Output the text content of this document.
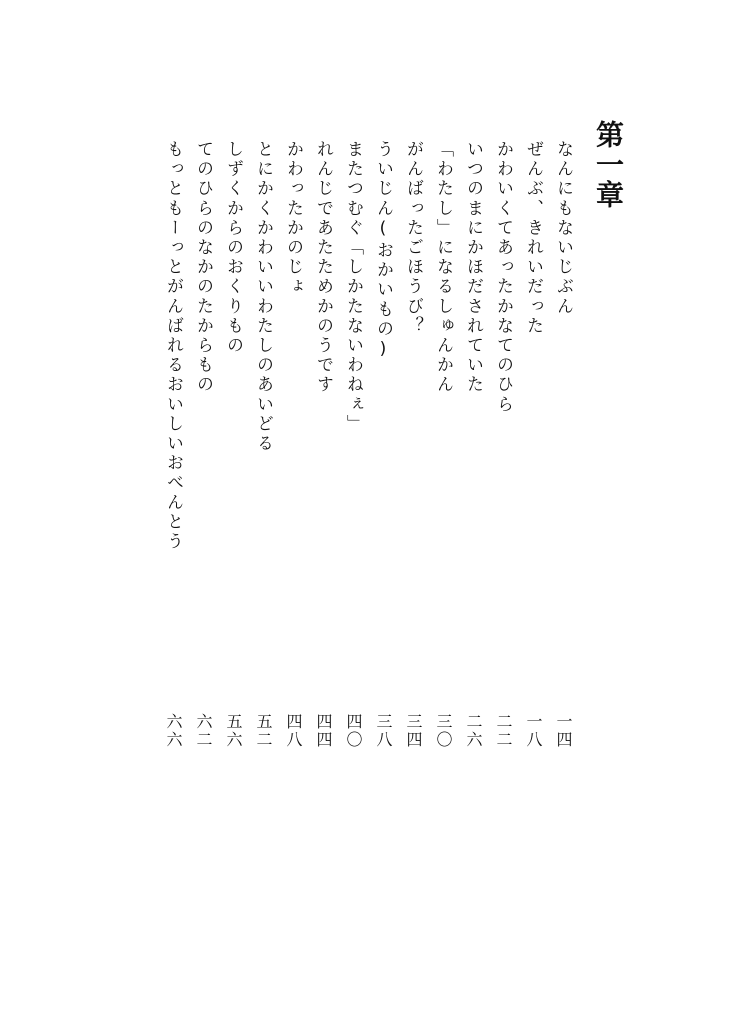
第一章
なんにもないじぶん
一四
ぜんぶ、きれいだった
一八
かわいくてあったかなてのひら
二二
いつのまにかほだされていた
二六
「わたし」になるしゅんかん
三〇
がんばったごほうび？
三四
ういじん(おかいもの)
三八
またつむぐ「しかたないわねぇ」
四〇
れんじであたためかのうです
四四
かわったかのじょ
四八
とにかくかわいいわたしのあいどる
五二
しずくからのおくりもの
五六
てのひらのなかのたからもの
六二
もっともーっとがんばれるおいしいおべんとう
六六
